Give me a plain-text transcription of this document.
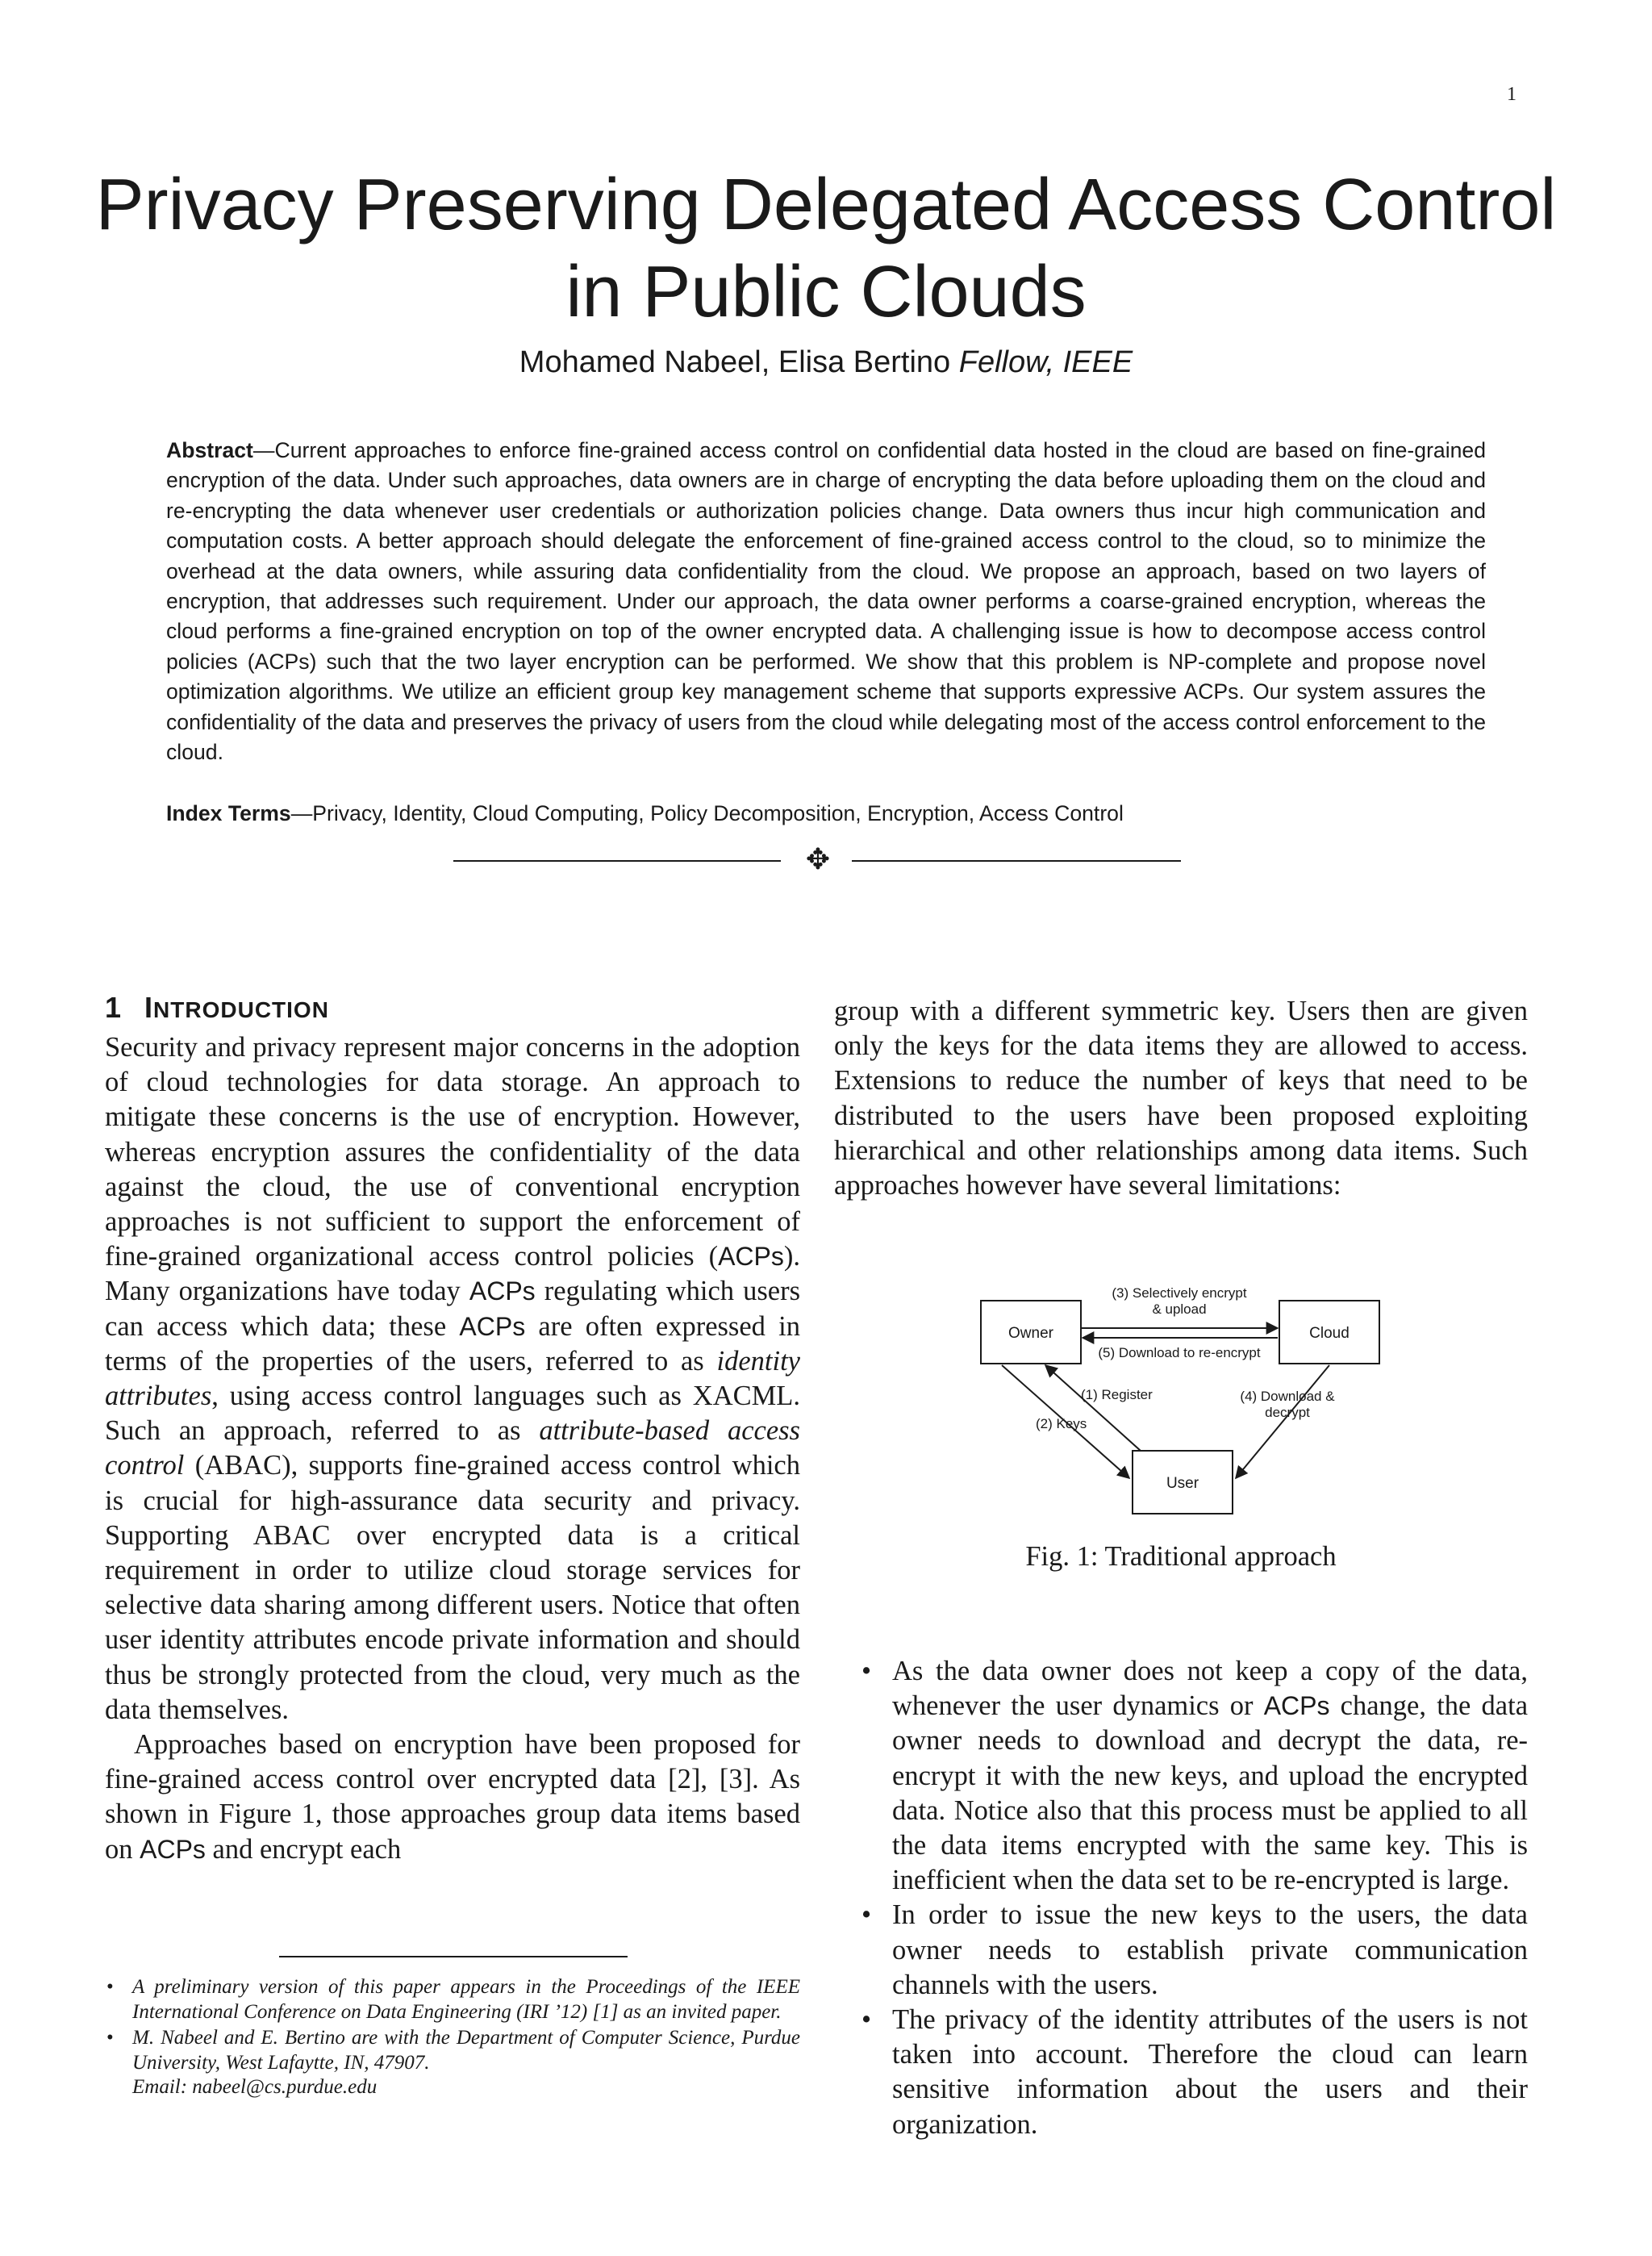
1
Privacy Preserving Delegated Access Control
in Public Clouds
Mohamed Nabeel, Elisa Bertino Fellow, IEEE
Abstract—Current approaches to enforce fine-grained access control on confidential data hosted in the cloud are based on fine-grained encryption of the data. Under such approaches, data owners are in charge of encrypting the data before uploading them on the cloud and re-encrypting the data whenever user credentials or authorization policies change. Data owners thus incur high communication and computation costs. A better approach should delegate the enforcement of fine-grained access control to the cloud, so to minimize the overhead at the data owners, while assuring data confidentiality from the cloud. We propose an approach, based on two layers of encryption, that addresses such requirement. Under our approach, the data owner performs a coarse-grained encryption, whereas the cloud performs a fine-grained encryption on top of the owner encrypted data. A challenging issue is how to decompose access control policies (ACPs) such that the two layer encryption can be performed. We show that this problem is NP-complete and propose novel optimization algorithms. We utilize an efficient group key management scheme that supports expressive ACPs. Our system assures the confidentiality of the data and preserves the privacy of users from the cloud while delegating most of the access control enforcement to the cloud.
Index Terms—Privacy, Identity, Cloud Computing, Policy Decomposition, Encryption, Access Control
✥
1 INTRODUCTION

Security and privacy represent major concerns in the adoption of cloud technologies for data storage. An approach to mitigate these concerns is the use of encryption. However, whereas encryption assures the confidentiality of the data against the cloud, the use of conventional encryption approaches is not sufficient to support the enforcement of fine-grained organizational access control policies (ACPs). Many organizations have today ACPs regulating which users can access which data; these ACPs are often expressed in terms of the properties of the users, referred to as identity attributes, using access control languages such as XACML. Such an approach, referred to as attribute-based access control (ABAC), supports fine-grained access control which is crucial for high-assurance data security and privacy. Supporting ABAC over encrypted data is a critical requirement in order to utilize cloud storage services for selective data sharing among different users. Notice that often user identity attributes encode private information and should thus be strongly protected from the cloud, very much as the data themselves.

Approaches based on encryption have been proposed for fine-grained access control over encrypted data [2], [3]. As shown in Figure 1, those approaches group data items based on ACPs and encrypt each

• A preliminary version of this paper appears in the Proceedings of the IEEE International Conference on Data Engineering (IRI ’12) [1] as an invited paper.
• M. Nabeel and E. Bertino are with the Department of Computer Science, Purdue University, West Lafaytte, IN, 47907.
Email: nabeel@cs.purdue.edu

group with a different symmetric key. Users then are given only the keys for the data items they are allowed to access. Extensions to reduce the number of keys that need to be distributed to the users have been proposed exploiting hierarchical and other relationships among data items. Such approaches however have several limitations:

Owner	Cloud
User
(3) Selectively encrypt
& upload
(5) Download to re-encrypt
(1) Register
(2) Keys
(4) Download &
decrypt
Fig. 1: Traditional approach
• As the data owner does not keep a copy of the data, whenever the user dynamics or ACPs change, the data owner needs to download and decrypt the data, re-encrypt it with the new keys, and upload the encrypted data. Notice also that this process must be applied to all the data items encrypted with the same key. This is inefficient when the data set to be re-encrypted is large.
• In order to issue the new keys to the users, the data owner needs to establish private communication channels with the users.
• The privacy of the identity attributes of the users is not taken into account. Therefore the cloud can learn sensitive information about the users and their organization.
